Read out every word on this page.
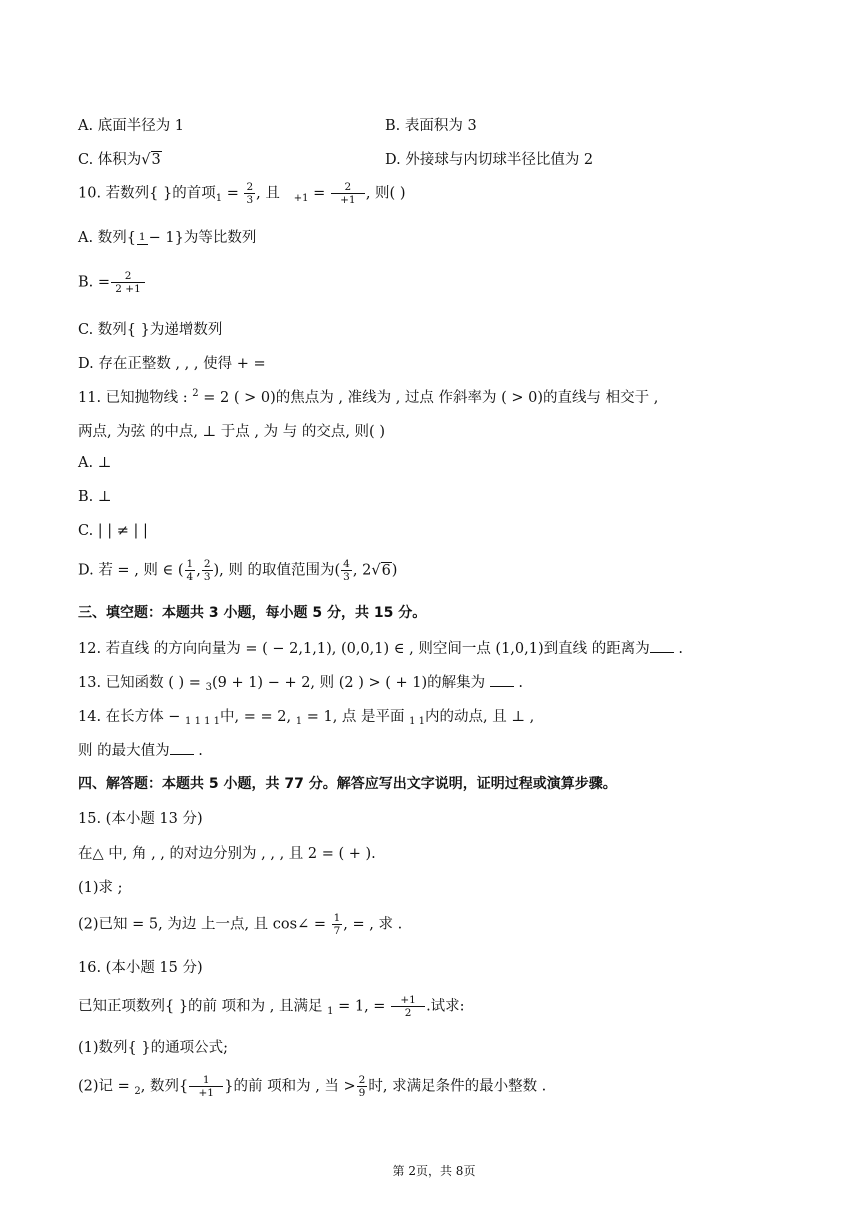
A. 底面半径为 1	B. 表面积为 3
C. 体积为√3	D. 外接球与内切球半径比值为 2
10. 若数列{ }的首项$_1 = \frac{2}{3}$ , 且 $_{+1} = \frac{2}{+1}$ , 则( )
A. 数列{ 1 − 1}为等比数列
B. = $\frac{2}{2 +1}$
C. 数列{ }为递增数列
D. 存在正整数 , , , 使得 + =
11. 已知抛物线 : $^2$ = 2 ( > 0)的焦点为 , 准线为 , 过点 作斜率为 ( > 0)的直线与 相交于 ,
两点, 为弦 的中点, ⊥ 于点 , 为 与 的交点, 则( )
A. ⊥
B. ⊥
C. | | ≠ | |
D. 若 = , 则 ∈ ( $\frac{1}{4}$ , $\frac{2}{3}$ ), 则 的取值范围为( $\frac{4}{3}$ , 2√6)
三、填空题：本题共 3 小题，每小题 5 分，共 15 分。
12. 若直线 的方向向量为 = ( − 2,1,1), (0,0,1) ∈ , 则空间一点 (1,0,1)到直线 的距离为 .
13. 已知函数 ( ) = $_3$(9 + 1) − + 2, 则 (2 ) > ( + 1)的解集为 .
14. 在长方体 − $_{1 1 1 1}$中, = = 2, $_1$ = 1, 点 是平面 $_{1 1}$内的动点, 且 ⊥ ,
则 的最大值为 .
四、解答题：本题共 5 小题，共 77 分。解答应写出文字说明，证明过程或演算步骤。
15. (本小题 13 分)
在△ 中, 角 , , 的对边分别为 , , , 且 2 = ( + ).
(1)求 ;
(2)已知 = 5, 为边 上一点, 且 cos∠ = $\frac{1}{7}$ , = , 求 .
16. (本小题 15 分)
已知正项数列{ }的前 项和为 , 且满足 $_1$ = 1, = $\frac{+1}{2}$ .试求:
(1)数列{ }的通项公式;
(2)记 = $_2$, 数列{ $\frac{1}{+1}$ }的前 项和为 , 当 > $\frac{2}{9}$ 时, 求满足条件的最小整数 .
第 2页，共 8页
